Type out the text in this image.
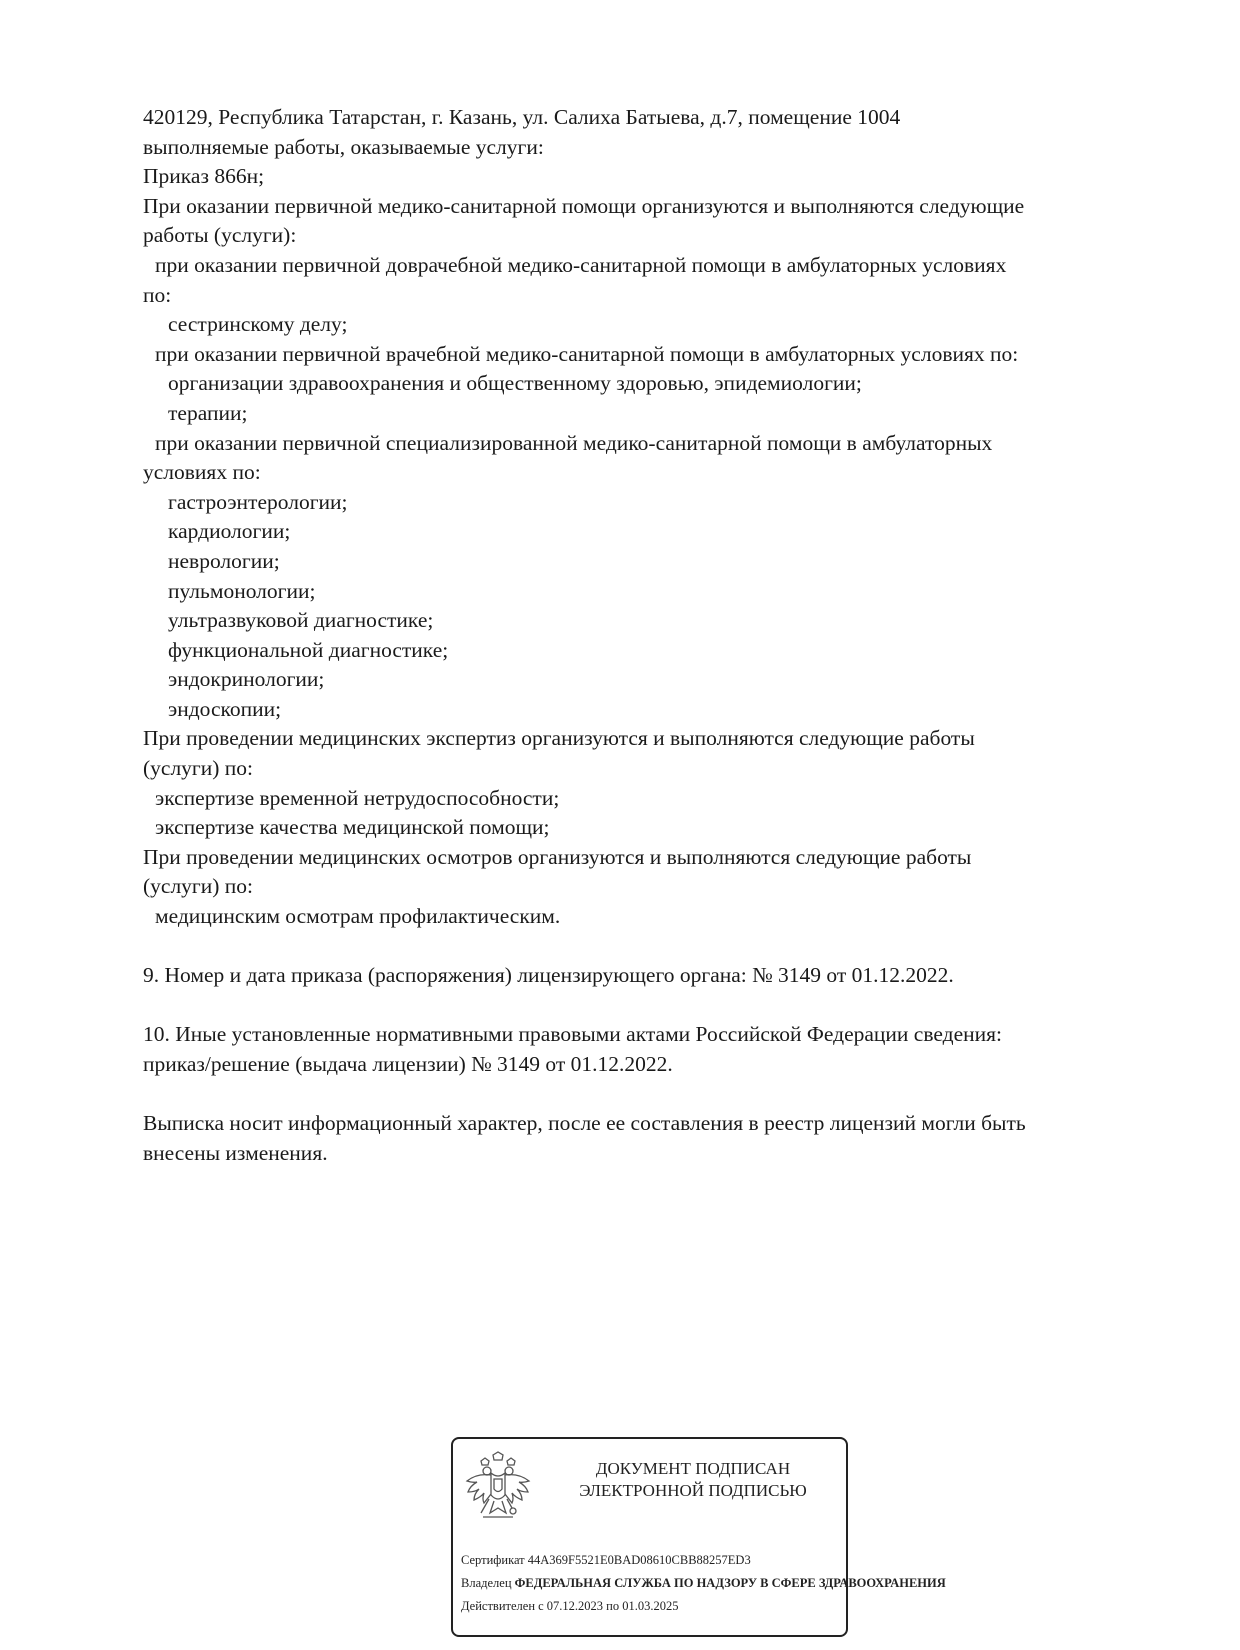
420129, Республика Татарстан, г. Казань, ул. Салиха Батыева, д.7, помещение 1004
выполняемые работы, оказываемые услуги:
Приказ 866н;
При оказании первичной медико-санитарной помощи организуются и выполняются следующие
работы (услуги):
при оказании первичной доврачебной медико-санитарной помощи в амбулаторных условиях
по:
сестринскому делу;
при оказании первичной врачебной медико-санитарной помощи в амбулаторных условиях по:
организации здравоохранения и общественному здоровью, эпидемиологии;
терапии;
при оказании первичной специализированной медико-санитарной помощи в амбулаторных
условиях по:
гастроэнтерологии;
кардиологии;
неврологии;
пульмонологии;
ультразвуковой диагностике;
функциональной диагностике;
эндокринологии;
эндоскопии;
При проведении медицинских экспертиз организуются и выполняются следующие работы
(услуги) по:
экспертизе временной нетрудоспособности;
экспертизе качества медицинской помощи;
При проведении медицинских осмотров организуются и выполняются следующие работы
(услуги) по:
медицинским осмотрам профилактическим.
9. Номер и дата приказа (распоряжения) лицензирующего органа: № 3149 от 01.12.2022.
10. Иные установленные нормативными правовыми актами Российской Федерации сведения:
приказ/решение (выдача лицензии) № 3149 от 01.12.2022.
Выписка носит информационный характер, после ее составления в реестр лицензий могли быть
внесены изменения.
ДОКУМЕНТ ПОДПИСАН
ЭЛЕКТРОННОЙ ПОДПИСЬЮ
Сертификат 44A369F5521E0BAD08610CBB88257ED3
Владелец ФЕДЕРАЛЬНАЯ СЛУЖБА ПО НАДЗОРУ В СФЕРЕ ЗДРАВООХРАНЕНИЯ
Действителен с 07.12.2023 по 01.03.2025
